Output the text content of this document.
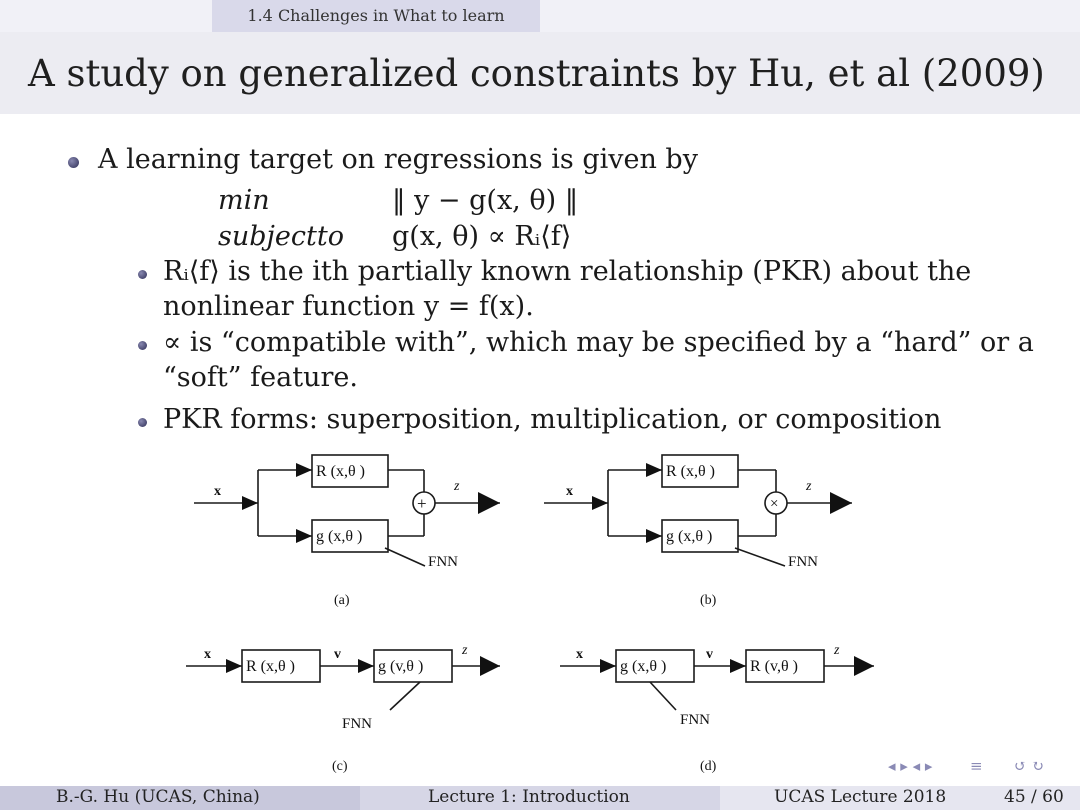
1.4 Challenges in What to learn
A study on generalized constraints by Hu, et al (2009)
A learning target on regressions is given by
min	‖ y − g(x, θ) ‖
subjectto g(x, θ) ∝ Rᵢ⟨f⟩
Rᵢ⟨f⟩ is the ith partially known relationship (PKR) about the
nonlinear function y = f(x).
∝ is “compatible with”, which may be specified by a “hard” or a
“soft” feature.
PKR forms: superposition, multiplication, or composition
x
R (x,θ )
g (x,θ )
+
z
FNN
(a)
x
R (x,θ )
g (x,θ )
×
z
FNN
(b)
x
R (x,θ )
v
g (v,θ )
z
FNN
(c)
x
g (x,θ )
v
R (v,θ )
z
FNN
(d)	◂ ▸ ◂ ▸	≡ ↺ ↻
B.-G. Hu (UCAS, China)	Lecture 1: Introduction	UCAS Lecture 2018	45 / 60
